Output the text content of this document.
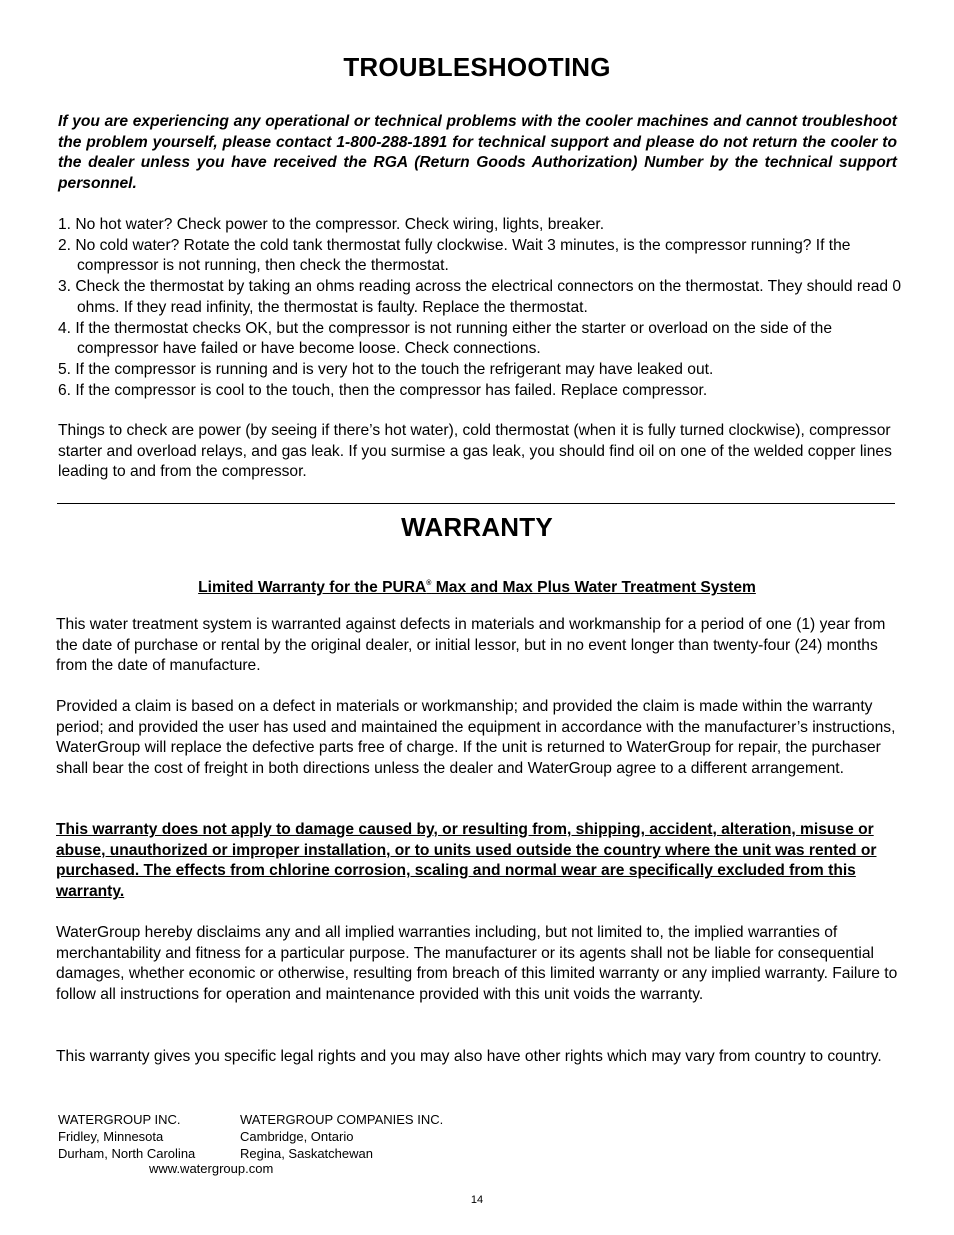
TROUBLESHOOTING
If you are experiencing any operational or technical problems with the cooler machines and cannot troubleshoot the problem yourself, please contact 1-800-288-1891 for technical support and please do not return the cooler to the dealer unless you have received the RGA (Return Goods Authorization) Number by the technical support personnel.
1. No hot water? Check power to the compressor. Check wiring, lights, breaker.
2. No cold water? Rotate the cold tank thermostat fully clockwise. Wait 3 minutes, is the compressor running? If the compressor is not running, then check the thermostat.
3. Check the thermostat by taking an ohms reading across the electrical connectors on the thermostat. They should read 0 ohms. If they read infinity, the thermostat is faulty. Replace the thermostat.
4. If the thermostat checks OK, but the compressor is not running either the starter or overload on the side of the compressor have failed or have become loose. Check connections.
5. If the compressor is running and is very hot to the touch the refrigerant may have leaked out.
6. If the compressor is cool to the touch, then the compressor has failed. Replace compressor.

Things to check are power (by seeing if there’s hot water), cold thermostat (when it is fully turned clockwise), compressor starter and overload relays, and gas leak. If you surmise a gas leak, you should find oil on one of the welded copper lines leading to and from the compressor.

WARRANTY
Limited Warranty for the PURA® Max and Max Plus Water Treatment System

This water treatment system is warranted against defects in materials and workmanship for a period of one (1) year from the date of purchase or rental by the original dealer, or initial lessor, but in no event longer than twenty-four (24) months from the date of manufacture.

Provided a claim is based on a defect in materials or workmanship; and provided the claim is made within the warranty period; and provided the user has used and maintained the equipment in accordance with the manufacturer’s instructions, WaterGroup will replace the defective parts free of charge. If the unit is returned to WaterGroup for repair, the purchaser shall bear the cost of freight in both directions unless the dealer and WaterGroup agree to a different arrangement.

This warranty does not apply to damage caused by, or resulting from, shipping, accident, alteration, misuse or abuse, unauthorized or improper installation, or to units used outside the country where the unit was rented or purchased. The effects from chlorine corrosion, scaling and normal wear are specifically excluded from this warranty.

WaterGroup hereby disclaims any and all implied warranties including, but not limited to, the implied warranties of merchantability and fitness for a particular purpose. The manufacturer or its agents shall not be liable for consequential damages, whether economic or otherwise, resulting from breach of this limited warranty or any implied warranty. Failure to follow all instructions for operation and maintenance provided with this unit voids the warranty.

This warranty gives you specific legal rights and you may also have other rights which may vary from country to country.

WATERGROUP INC.
Fridley, Minnesota
Durham, North Carolina
WATERGROUP COMPANIES INC.
Cambridge, Ontario
Regina, Saskatchewan
www.watergroup.com
14
